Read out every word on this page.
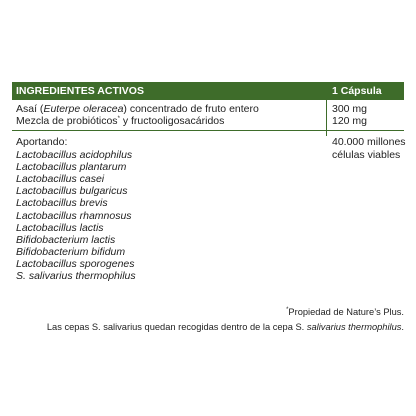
INGREDIENTES ACTIVOS	1 Cápsula
Asaí (Euterpe oleracea) concentrado de fruto entero	300 mg
Mezcla de probióticos* y fructooligosacáridos	120 mg
Aportando:	40.000 millones
Lactobacillus acidophilus	células viables
Lactobacillus plantarum
Lactobacillus casei
Lactobacillus bulgaricus
Lactobacillus brevis
Lactobacillus rhamnosus
Lactobacillus lactis
Bifidobacterium lactis
Bifidobacterium bifidum
Lactobacillus sporogenes
S. salivarius thermophilus
*Propiedad de Nature’s Plus.
Las cepas S. salivarius quedan recogidas dentro de la cepa S. salivarius thermophilus.
